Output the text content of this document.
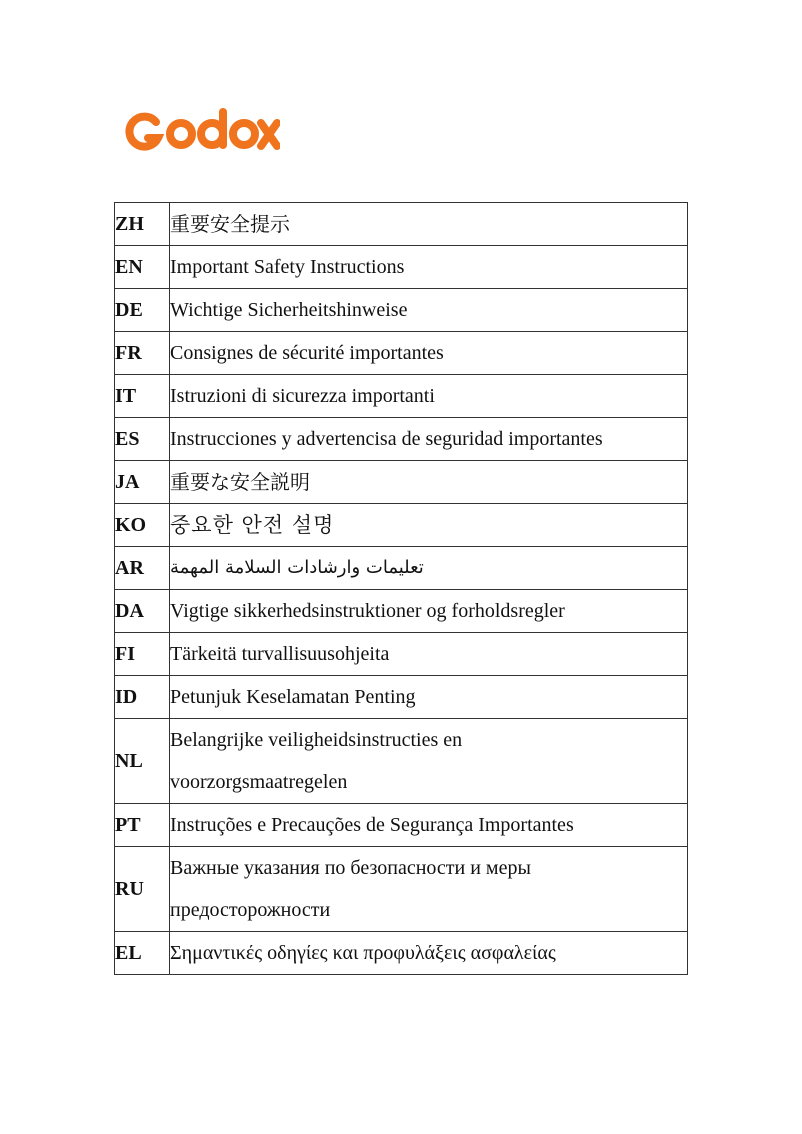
ZH	重要安全提示
EN	Important Safety Instructions
DE	Wichtige Sicherheitshinweise
FR	Consignes de sécurité importantes
IT	Istruzioni di sicurezza importanti
ES	Instrucciones y advertencisa de seguridad importantes
JA	重要な安全説明
KO	중요한 안전 설명
AR	تعليمات وارشادات السلامة المهمة
DA	Vigtige sikkerhedsinstruktioner og forholdsregler
FI	Tärkeitä turvallisuusohjeita
ID	Petunjuk Keselamatan Penting
NL	Belangrijke veiligheidsinstructies en voorzorgsmaatregelen
PT	Instruções e Precauções de Segurança Importantes
RU	Важные указания по безопасности и меры предосторожности
EL	Σημαντικές οδηγίες και προφυλάξεις ασφαλείας
